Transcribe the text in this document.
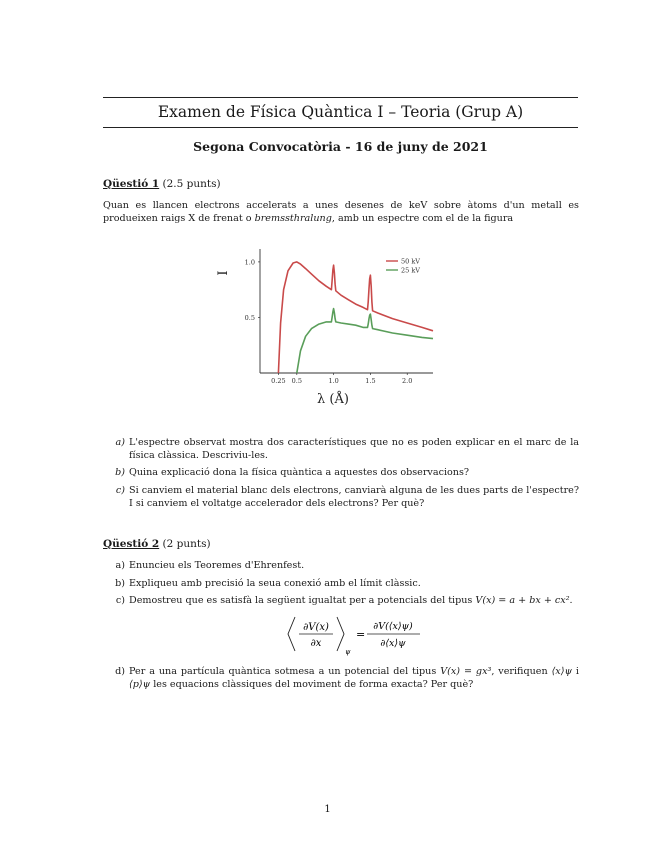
Examen de Física Quàntica I – Teoria (Grup A)
Segona Convocatòria - 16 de juny de 2021
Qüestió 1 (2.5 punts)
Quan es llancen electrons accelerats a unes desenes de keV sobre àtoms d'un metall es produeixen raigs X de frenat o bremssthralung, amb un espectre com el de la figura
1.0
0.5
0.25 0.5	1.0	1.5	2.0
50 kV
25 kV
I
λ (Å)
a) L'espectre observat mostra dos característiques que no es poden explicar en el marc de la física clàssica. Descriviu-les.
b) Quina explicació dona la física quàntica a aquestes dos observacions?
c) Si canviem el material blanc dels electrons, canviarà alguna de les dues parts de l'espectre? I si canviem el voltatge accelerador dels electrons? Per què?
Qüestió 2 (2 punts)
a) Enuncieu els Teoremes d'Ehrenfest.
b) Expliqueu amb precisió la seua conexió amb el límit clàssic.
c) Demostreu que es satisfà la següent igualtat per a potencials del tipus V(x) = a + bx + cx².
∂V(x)
∂x
ψ
=
∂V(⟨x⟩ψ)
∂⟨x⟩ψ
d) Per a una partícula quàntica sotmesa a un potencial del tipus V(x) = gx³, verifiquen ⟨x⟩ψ i ⟨p⟩ψ les equacions clàssiques del moviment de forma exacta? Per què?
1
